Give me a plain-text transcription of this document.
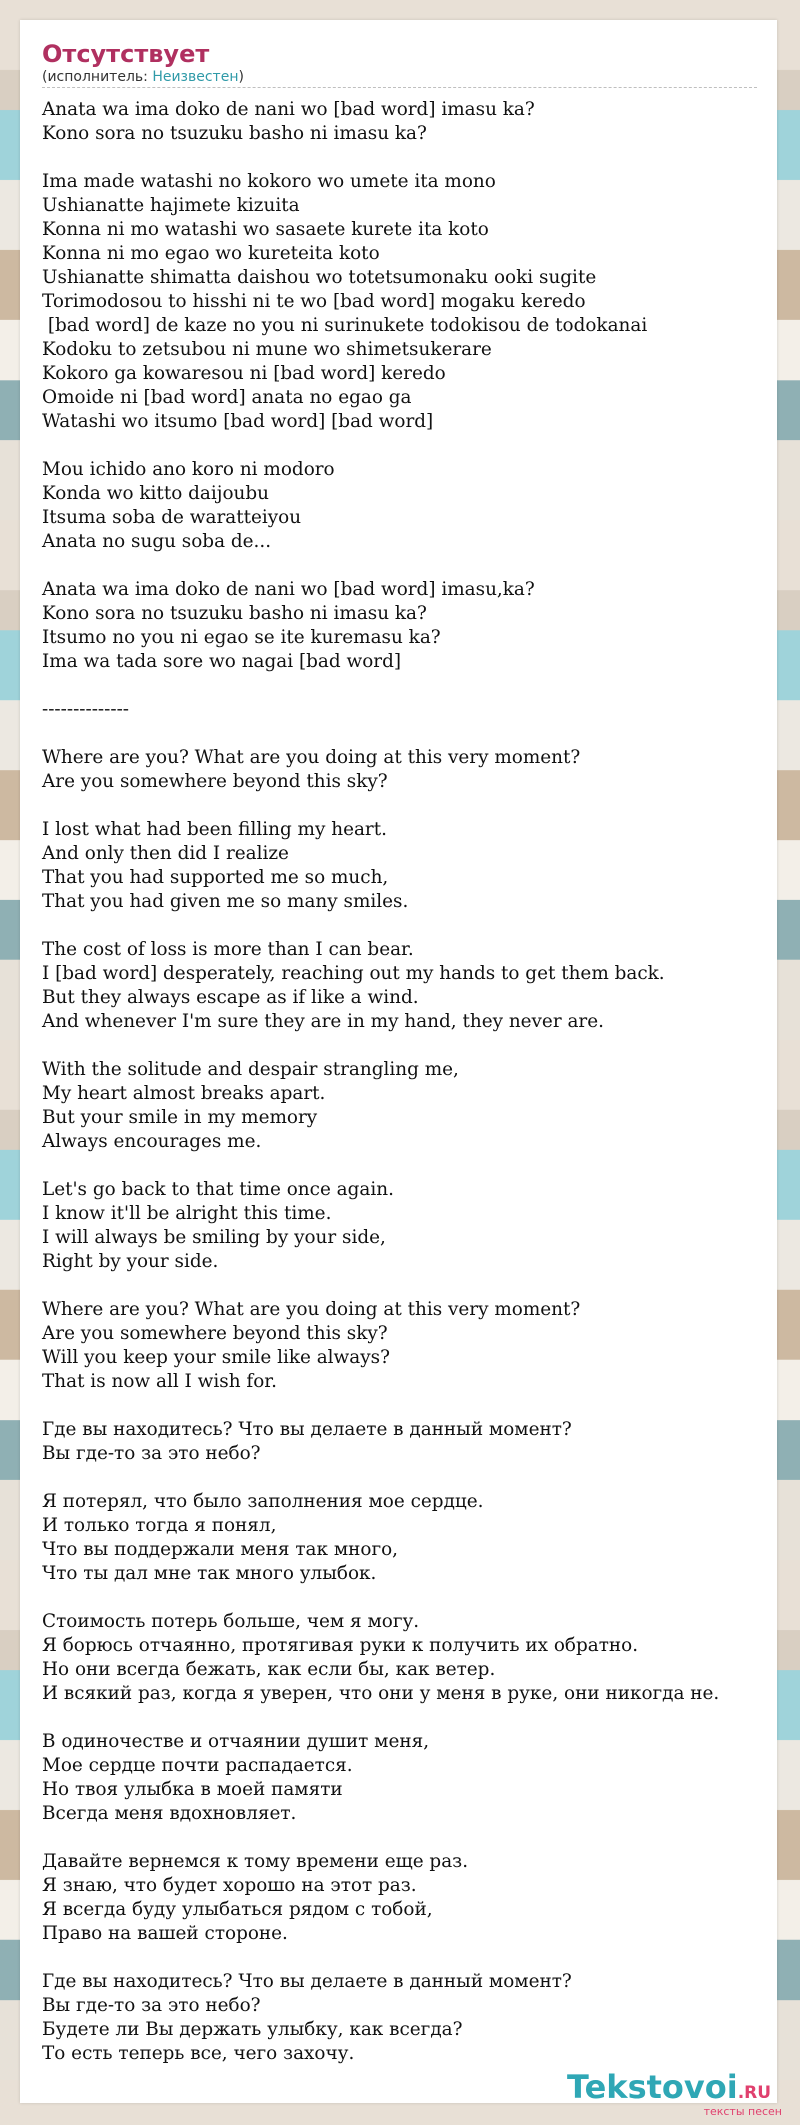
Отсутствует
(исполнитель: Неизвестен)
Anata wa ima doko de nani wo [bad word] imasu ka?
Kono sora no tsuzuku basho ni imasu ka?
Ima made watashi no kokoro wo umete ita mono
Ushianatte hajimete kizuita
Konna ni mo watashi wo sasaete kurete ita koto
Konna ni mo egao wo kureteita koto
Ushianatte shimatta daishou wo totetsumonaku ooki sugite
Torimodosou to hisshi ni te wo [bad word] mogaku keredo
[bad word] de kaze no you ni surinukete todokisou de todokanai
Kodoku to zetsubou ni mune wo shimetsukerare
Kokoro ga kowaresou ni [bad word] keredo
Omoide ni [bad word] anata no egao ga
Watashi wo itsumo [bad word] [bad word]
Mou ichido ano koro ni modoro
Konda wo kitto daijoubu
Itsuma soba de waratteiyou
Anata no sugu soba de...
Anata wa ima doko de nani wo [bad word] imasu,ka?
Kono sora no tsuzuku basho ni imasu ka?
Itsumo no you ni egao se ite kuremasu ka?
Ima wa tada sore wo nagai [bad word]
--------------
Where are you? What are you doing at this very moment?
Are you somewhere beyond this sky?
I lost what had been filling my heart.
And only then did I realize
That you had supported me so much,
That you had given me so many smiles.
The cost of loss is more than I can bear.
I [bad word] desperately, reaching out my hands to get them back.
But they always escape as if like a wind.
And whenever I'm sure they are in my hand, they never are.
With the solitude and despair strangling me,
My heart almost breaks apart.
But your smile in my memory
Always encourages me.
Let's go back to that time once again.
I know it'll be alright this time.
I will always be smiling by your side,
Right by your side.
Where are you? What are you doing at this very moment?
Are you somewhere beyond this sky?
Will you keep your smile like always?
That is now all I wish for.
Где вы находитесь? Что вы делаете в данный момент?
Вы где-то за это небо?
Я потерял, что было заполнения мое сердце.
И только тогда я понял,
Что вы поддержали меня так много,
Что ты дал мне так много улыбок.
Стоимость потерь больше, чем я могу.
Я борюсь отчаянно, протягивая руки к получить их обратно.
Но они всегда бежать, как если бы, как ветер.
И всякий раз, когда я уверен, что они у меня в руке, они никогда не.
В одиночестве и отчаянии душит меня,
Мое сердце почти распадается.
Но твоя улыбка в моей памяти
Всегда меня вдохновляет.
Давайте вернемся к тому времени еще раз.
Я знаю, что будет хорошо на этот раз.
Я всегда буду улыбаться рядом с тобой,
Право на вашей стороне.
Где вы находитесь? Что вы делаете в данный момент?
Вы где-то за это небо?
Будете ли Вы держать улыбку, как всегда?
То есть теперь все, чего захочу.
Tekstovoi.RU
тексты песен
